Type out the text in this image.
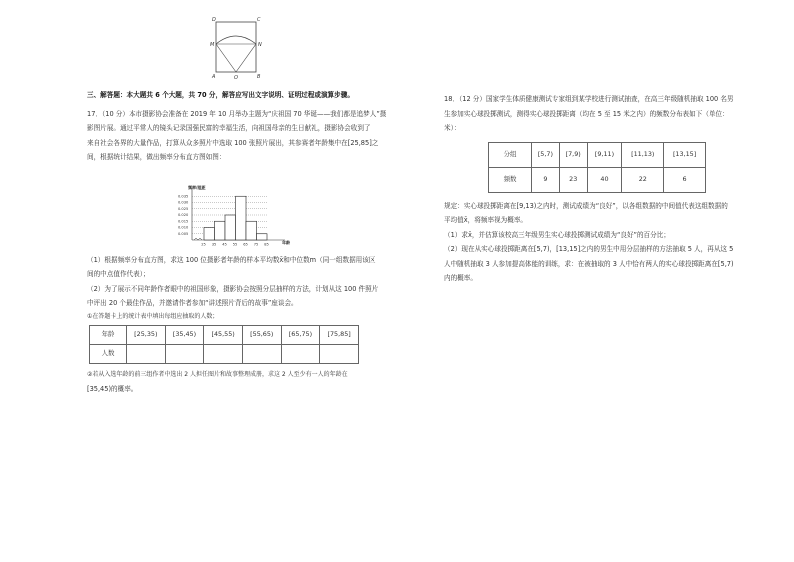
D	C
M	N
A	O	B

三、解答题：本大题共 6 个大题，共 70 分，解答应写出文字说明、证明过程或演算步骤。

17．（10 分）本市摄影协会准备在 2019 年 10 月举办主题为“庆祖国 70 华诞——我们都是追梦人”摄

影图片展。通过平常人的镜头记录国强民富的幸福生活，向祖国母亲的生日献礼，摄影协会收到了

来自社会各界的大量作品，打算从众多照片中选取 100 张照片展出，其参赛者年龄集中在[25,85]之

间，根据统计结果，做出频率分布直方图如图：

（1）根据频率分布直方图，求这 100 位摄影者年龄的样本平均数x̄和中位数m（同一组数据用该区

间的中点值作代表）；

（2）为了展示不同年龄作者眼中的祖国形象，摄影协会按照分层抽样的方法，计划从这 100 件照片

中评出 20 个最佳作品，并邀请作者参加“讲述照片背后的故事”座谈会。

①在答题卡上的统计表中填出每组应抽取的人数；

年龄	[25,35)	[35,45)	[45,55)	[55,65)	[65,75)	[75,85]
人数						

②若从入选年龄的前三组作者中选出 2 人担任图片和故事整理成册，求这 2 人至少有一人的年龄在

[35,45)的概率。

频率/组距
年龄
0.035
0.030
0.025
0.020
0.015
0.010
0.005
25 35 45 55 65 75 85

18．（12 分）国家学生体质健康测试专家组到某学校进行测试抽查，在高三年级随机抽取 100 名男

生参加实心球投掷测试，测得实心球投掷距离（均在 5 至 15 米之内）的频数分布表如下（单位：

米）：

分组	[5,7)	[7,9)	[9,11)	[11,13)	[13,15]
频数	9	23	40	22	6

规定：实心球投掷距离在[9,13)之内时，测试成绩为“良好”，以各组数据的中间值代表这组数据的

平均值x̄，将频率视为概率。

（1）求x̄，并估算该校高三年级男生实心球投掷测试成绩为“良好”的百分比；

（2）现在从实心球投掷距离在[5,7)，[13,15]之内的男生中用分层抽样的方法抽取 5 人，再从这 5

人中随机抽取 3 人参加提高体能的训练，求：在被抽取的 3 人中恰有两人的实心球投掷距离在[5,7)

内的概率。
